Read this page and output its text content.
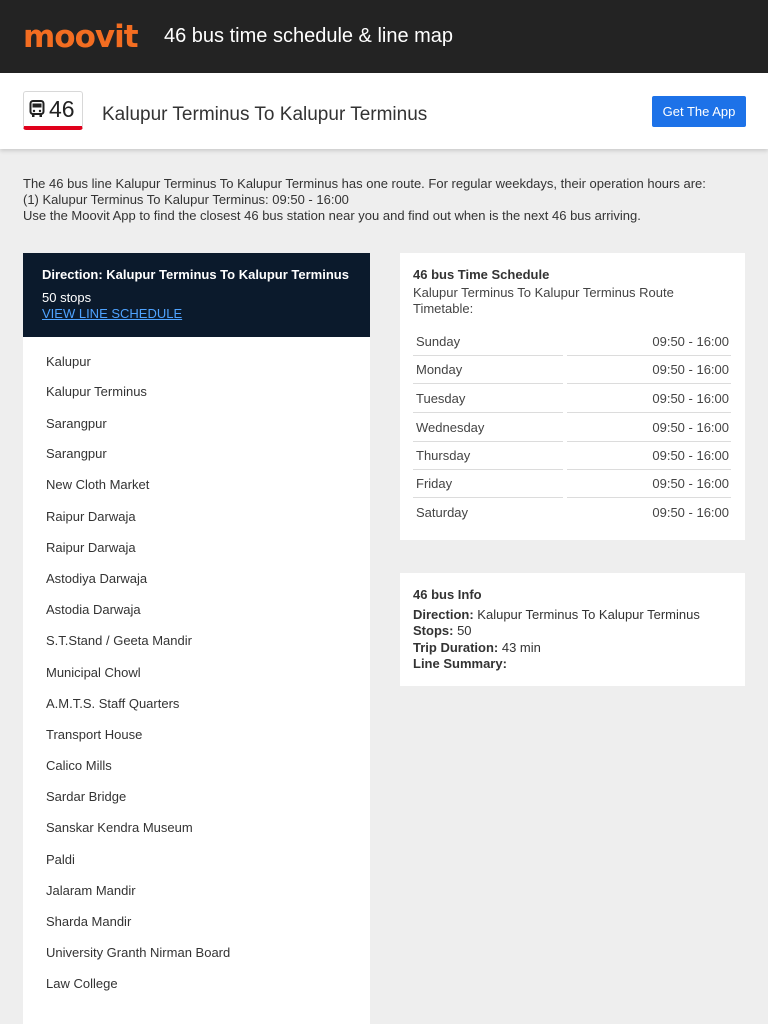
moovit 46 bus time schedule & line map
46 Kalupur Terminus To Kalupur Terminus	Get The App

The 46 bus line Kalupur Terminus To Kalupur Terminus has one route. For regular weekdays, their operation hours are:

(1) Kalupur Terminus To Kalupur Terminus: 09:50 - 16:00

Use the Moovit App to find the closest 46 bus station near you and find out when is the next 46 bus arriving.

Direction: Kalupur Terminus To Kalupur Terminus
50 stops
VIEW LINE SCHEDULE
Kalupur
Kalupur Terminus
Sarangpur
Sarangpur
New Cloth Market
Raipur Darwaja
Raipur Darwaja
Astodiya Darwaja
Astodia Darwaja
S.T.Stand / Geeta Mandir
Municipal Chowl
A.M.T.S. Staff Quarters
Transport House
Calico Mills
Sardar Bridge
Sanskar Kendra Museum
Paldi
Jalaram Mandir
Sharda Mandir
University Granth Nirman Board
Law College
46 bus Time Schedule
Kalupur Terminus To Kalupur Terminus Route Timetable:
Sunday	09:50 - 16:00
Monday	09:50 - 16:00
Tuesday	09:50 - 16:00
Wednesday	09:50 - 16:00
Thursday	09:50 - 16:00
Friday	09:50 - 16:00
Saturday	09:50 - 16:00
46 bus Info
Direction: Kalupur Terminus To Kalupur Terminus
Stops: 50
Trip Duration: 43 min
Line Summary:
